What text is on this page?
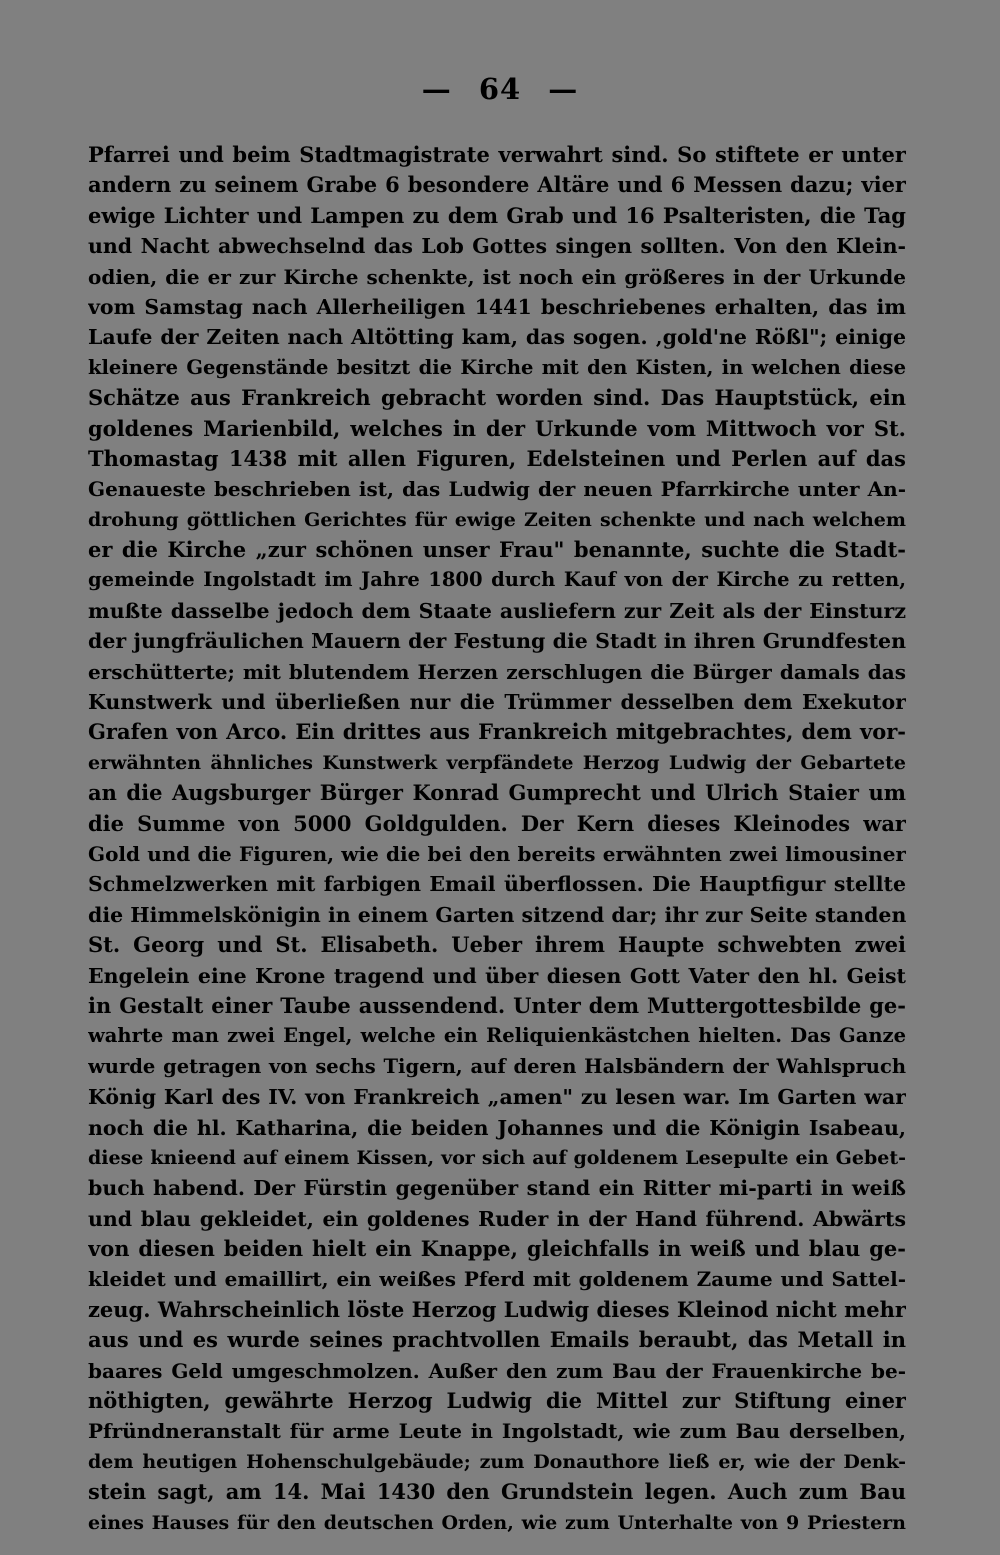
— 64 —
Pfarrei und beim Stadtmagistrate verwahrt sind. So stiftete er unter
andern zu seinem Grabe 6 besondere Altäre und 6 Messen dazu; vier
ewige Lichter und Lampen zu dem Grab und 16 Psalteristen, die Tag
und Nacht abwechselnd das Lob Gottes singen sollten. Von den Klein-
odien, die er zur Kirche schenkte, ist noch ein größeres in der Urkunde
vom Samstag nach Allerheiligen 1441 beschriebenes erhalten, das im
Laufe der Zeiten nach Altötting kam, das sogen. ‚gold'ne Rößl"; einige
kleinere Gegenstände besitzt die Kirche mit den Kisten, in welchen diese
Schätze aus Frankreich gebracht worden sind. Das Hauptstück, ein
goldenes Marienbild, welches in der Urkunde vom Mittwoch vor St.
Thomastag 1438 mit allen Figuren, Edelsteinen und Perlen auf das
Genaueste beschrieben ist, das Ludwig der neuen Pfarrkirche unter An-
drohung göttlichen Gerichtes für ewige Zeiten schenkte und nach welchem
er die Kirche „zur schönen unser Frau" benannte, suchte die Stadt-
gemeinde Ingolstadt im Jahre 1800 durch Kauf von der Kirche zu retten,
mußte dasselbe jedoch dem Staate ausliefern zur Zeit als der Einsturz
der jungfräulichen Mauern der Festung die Stadt in ihren Grundfesten
erschütterte; mit blutendem Herzen zerschlugen die Bürger damals das
Kunstwerk und überließen nur die Trümmer desselben dem Exekutor
Grafen von Arco. Ein drittes aus Frankreich mitgebrachtes, dem vor-
erwähnten ähnliches Kunstwerk verpfändete Herzog Ludwig der Gebartete
an die Augsburger Bürger Konrad Gumprecht und Ulrich Staier um
die Summe von 5000 Goldgulden. Der Kern dieses Kleinodes war
Gold und die Figuren, wie die bei den bereits erwähnten zwei limousiner
Schmelzwerken mit farbigen Email überflossen. Die Hauptfigur stellte
die Himmelskönigin in einem Garten sitzend dar; ihr zur Seite standen
St. Georg und St. Elisabeth. Ueber ihrem Haupte schwebten zwei
Engelein eine Krone tragend und über diesen Gott Vater den hl. Geist
in Gestalt einer Taube aussendend. Unter dem Muttergottesbilde ge-
wahrte man zwei Engel, welche ein Reliquienkästchen hielten. Das Ganze
wurde getragen von sechs Tigern, auf deren Halsbändern der Wahlspruch
König Karl des IV. von Frankreich „amen" zu lesen war. Im Garten war
noch die hl. Katharina, die beiden Johannes und die Königin Isabeau,
diese knieend auf einem Kissen, vor sich auf goldenem Lesepulte ein Gebet-
buch habend. Der Fürstin gegenüber stand ein Ritter mi-parti in weiß
und blau gekleidet, ein goldenes Ruder in der Hand führend. Abwärts
von diesen beiden hielt ein Knappe, gleichfalls in weiß und blau ge-
kleidet und emaillirt, ein weißes Pferd mit goldenem Zaume und Sattel-
zeug. Wahrscheinlich löste Herzog Ludwig dieses Kleinod nicht mehr
aus und es wurde seines prachtvollen Emails beraubt, das Metall in
baares Geld umgeschmolzen. Außer den zum Bau der Frauenkirche be-
nöthigten, gewährte Herzog Ludwig die Mittel zur Stiftung einer
Pfründneranstalt für arme Leute in Ingolstadt, wie zum Bau derselben,
dem heutigen Hohenschulgebäude; zum Donauthore ließ er, wie der Denk-
stein sagt, am 14. Mai 1430 den Grundstein legen. Auch zum Bau
eines Hauses für den deutschen Orden, wie zum Unterhalte von 9 Priestern
